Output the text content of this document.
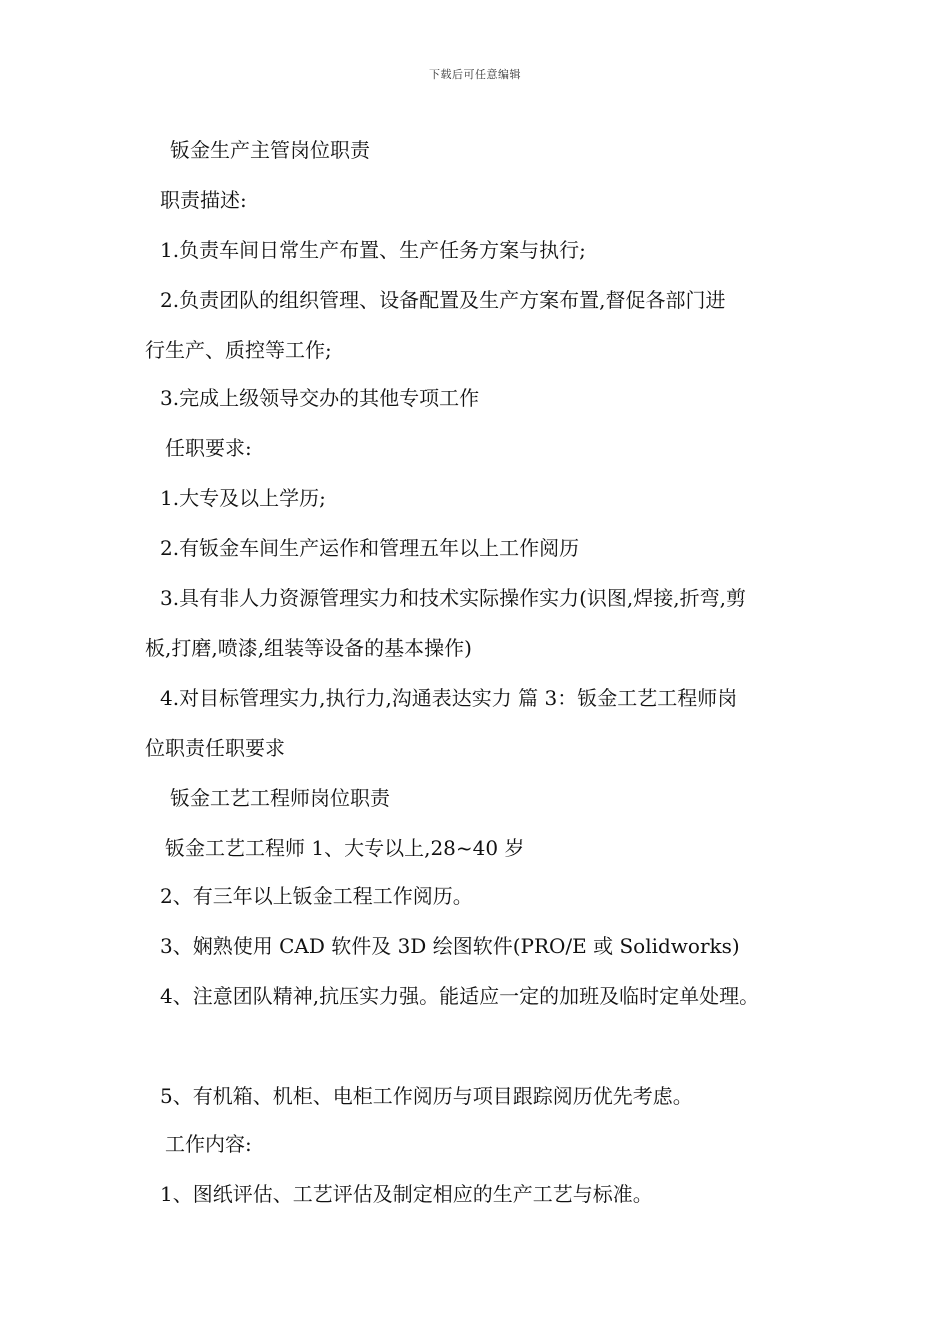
下载后可任意编辑
钣金生产主管岗位职责
职责描述:
1.负责车间日常生产布置、生产任务方案与执行;
2.负责团队的组织管理、设备配置及生产方案布置,督促各部门进
行生产、质控等工作;
3.完成上级领导交办的其他专项工作
任职要求:
1.大专及以上学历;
2.有钣金车间生产运作和管理五年以上工作阅历
3.具有非人力资源管理实力和技术实际操作实力(识图,焊接,折弯,剪
板,打磨,喷漆,组装等设备的基本操作)
4.对目标管理实力,执行力,沟通表达实力 篇 3：钣金工艺工程师岗
位职责任职要求
钣金工艺工程师岗位职责
钣金工艺工程师 1、大专以上,28~40 岁
2、有三年以上钣金工程工作阅历。
3、娴熟使用 CAD 软件及 3D 绘图软件(PRO/E 或 Solidworks)
4、注意团队精神,抗压实力强。能适应一定的加班及临时定单处理。
5、有机箱、机柜、电柜工作阅历与项目跟踪阅历优先考虑。
工作内容:
1、图纸评估、工艺评估及制定相应的生产工艺与标准。
